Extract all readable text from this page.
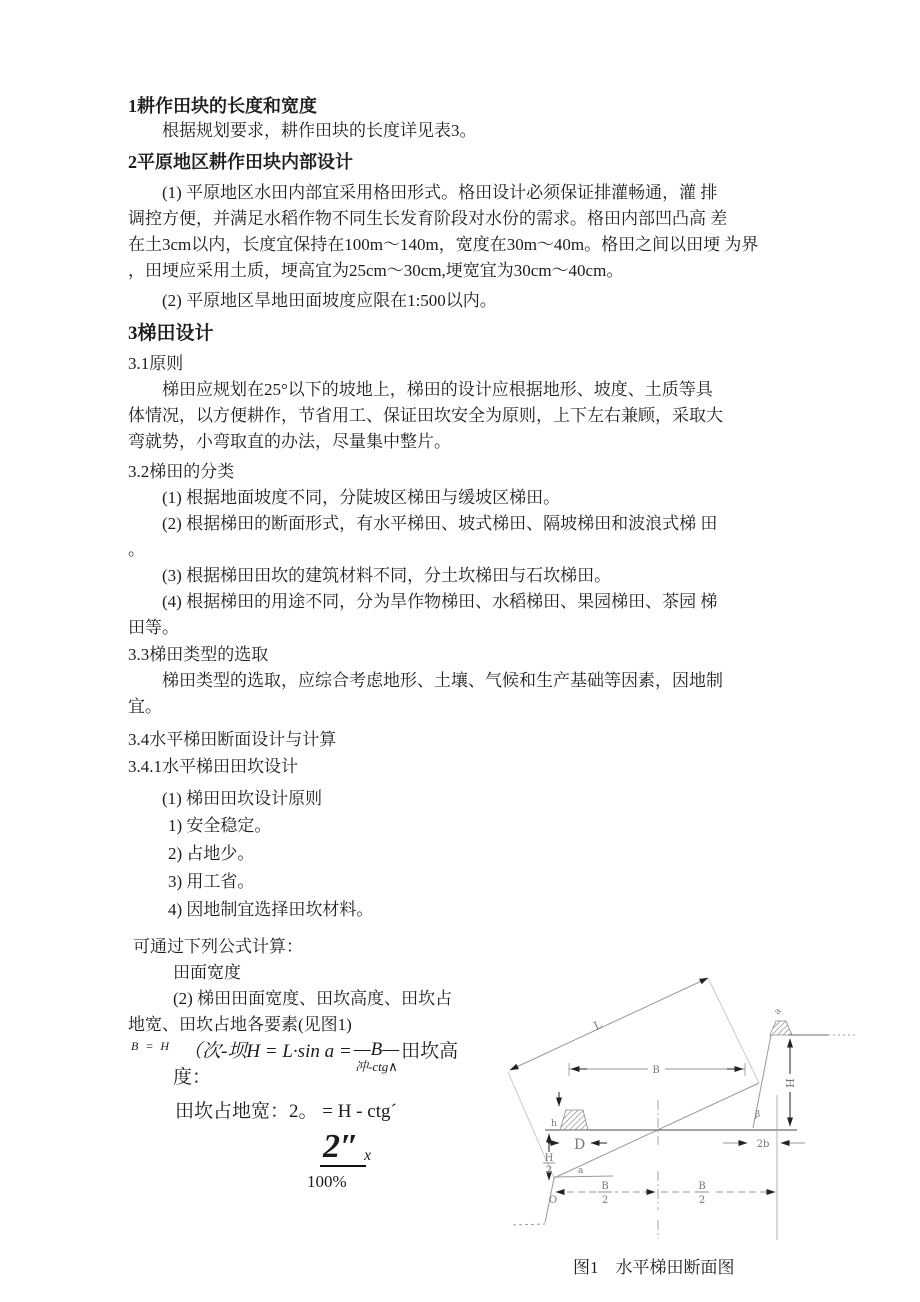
1耕作田块的长度和宽度
根据规划要求，耕作田块的长度详见表3。
2平原地区耕作田块内部设计
(1) 平原地区水田内部宜采用格田形式。格田设计必须保证排灌畅通，灌 排
调控方便，并满足水稻作物不同生长发育阶段对水份的需求。格田内部凹凸高 差
在土3cm以内，长度宜保持在100m〜140m，宽度在30m〜40m。格田之间以田埂 为界
，田埂应采用土质，埂高宜为25cm〜30cm,埂宽宜为30cm〜40cm。
(2) 平原地区旱地田面坡度应限在1:500以内。
3梯田设计
3.1原则
梯田应规划在25°以下的坡地上，梯田的设计应根据地形、坡度、土质等具
体情况，以方便耕作，节省用工、保证田坎安全为原则，上下左右兼顾，采取大
弯就势，小弯取直的办法，尽量集中整片。
3.2梯田的分类
(1) 根据地面坡度不同，分陡坡区梯田与缓坡区梯田。
(2) 根据梯田的断面形式，有水平梯田、坡式梯田、隔坡梯田和波浪式梯 田
。
(3) 根据梯田田坎的建筑材料不同，分土坎梯田与石坎梯田。
(4) 根据梯田的用途不同，分为旱作物梯田、水稻梯田、果园梯田、茶园 梯
田等。
3.3梯田类型的选取
梯田类型的选取，应综合考虑地形、土壤、气候和生产基础等因素，因地制
宜。
3.4水平梯田断面设计与计算
3.4.1水平梯田田坎设计
(1) 梯田田坎设计原则
1) 安全稳定。
2) 占地少。
3) 用工省。
4) 因地制宜选择田坎材料。
可通过下列公式计算：
田面宽度
(2) 梯田田面宽度、田坎高度、田坎占
地宽、田坎占地各要素(见图1)
B = H （次-坝H = L·sin a = —B—
冲-ctg∧
田坎高
度：
田坎占地宽：2。 = H - ctg´
2″ x
100%
L
a
H
β
2b
h
D
H
2	a
O
B
2
B
2
B
图1　水平梯田断面图
